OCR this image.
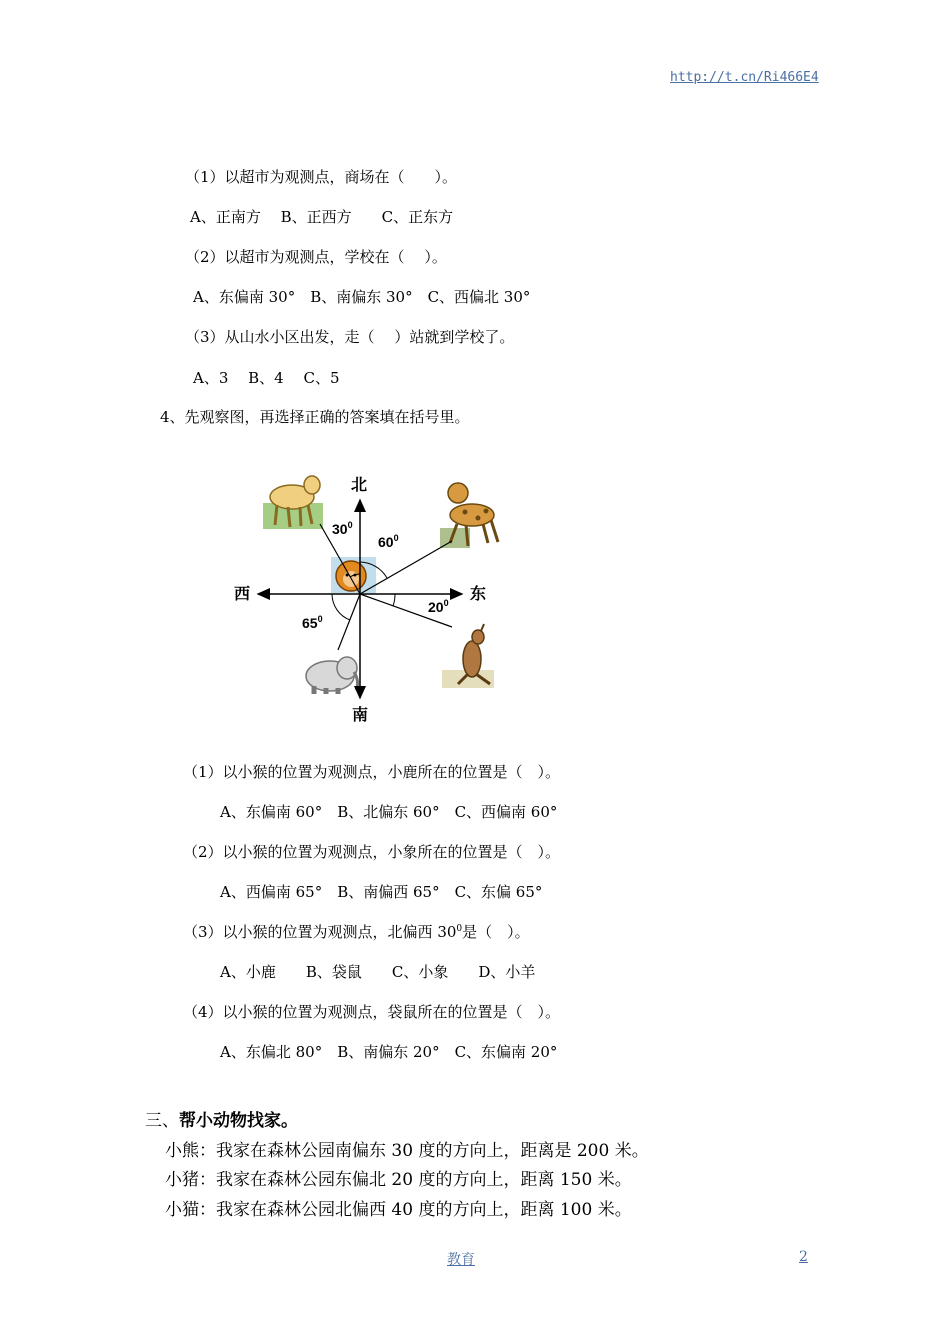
http://t.cn/Ri466E4
（1）以超市为观测点，商场在（　　）。
A、正南方　 B、正西方　　C、正东方
（2）以超市为观测点，学校在（　 ）。
A、东偏南 30°　B、南偏东 30°　C、西偏北 30°
（3）从山水小区出发，走（　 ）站就到学校了。
A、3　 B、4　 C、5
4、先观察图，再选择正确的答案填在括号里。
北
南
东
西
$30^0$
$60^0$
$20^0$
$65^0$
（1）以小猴的位置为观测点，小鹿所在的位置是（　）。
A、东偏南 60°　B、北偏东 60°　C、西偏南 60°
（2）以小猴的位置为观测点，小象所在的位置是（　）。
A、西偏南 65°　B、南偏西 65°　C、东偏 65°
（3）以小猴的位置为观测点，北偏西 $30^0$是（　）。
A、小鹿　　B、袋鼠　　C、小象　　D、小羊
（4）以小猴的位置为观测点，袋鼠所在的位置是（　）。
A、东偏北 80°　B、南偏东 20°　C、东偏南 20°
三、帮小动物找家。
小熊：我家在森林公园南偏东 30 度的方向上，距离是 200 米。
小猪：我家在森林公园东偏北 20 度的方向上，距离 150 米。
小猫：我家在森林公园北偏西 40 度的方向上，距离 100 米。
教育	2
